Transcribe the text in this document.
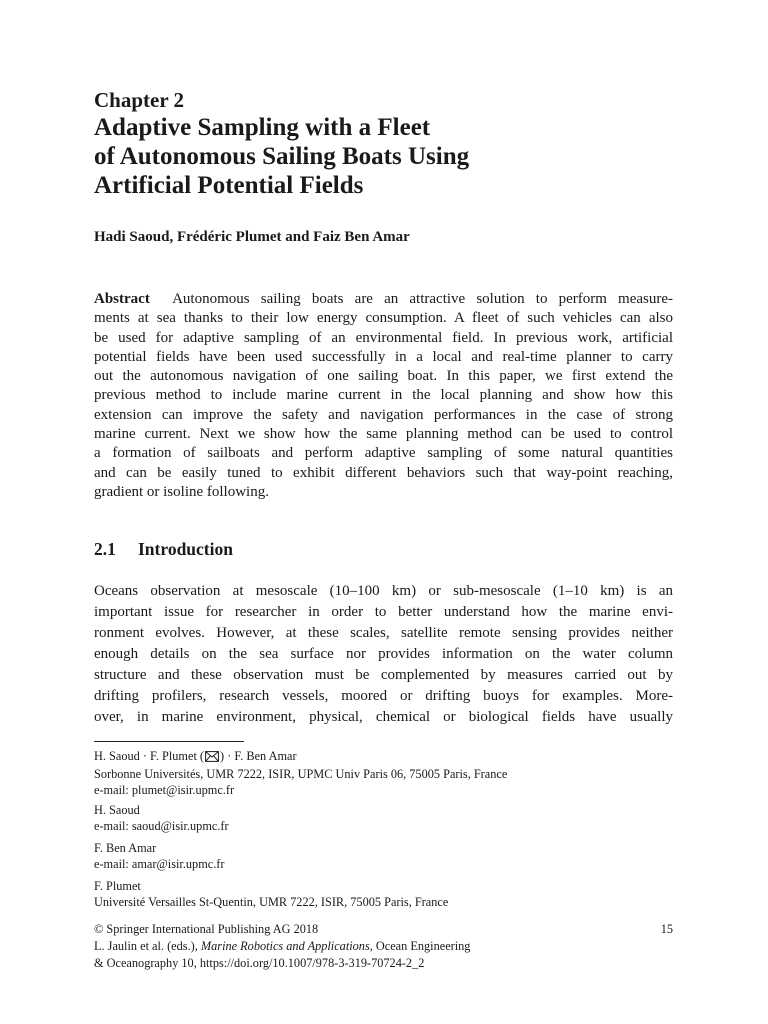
Chapter 2
Adaptive Sampling with a Fleet
of Autonomous Sailing Boats Using
Artificial Potential Fields
Hadi Saoud, Frédéric Plumet and Faiz Ben Amar
Abstract Autonomous sailing boats are an attractive solution to perform measure-
ments at sea thanks to their low energy consumption. A fleet of such vehicles can also
be used for adaptive sampling of an environmental field. In previous work, artificial
potential fields have been used successfully in a local and real-time planner to carry
out the autonomous navigation of one sailing boat. In this paper, we first extend the
previous method to include marine current in the local planning and show how this
extension can improve the safety and navigation performances in the case of strong
marine current. Next we show how the same planning method can be used to control
a formation of sailboats and perform adaptive sampling of some natural quantities
and can be easily tuned to exhibit different behaviors such that way-point reaching,
gradient or isoline following.
2.1 Introduction
Oceans observation at mesoscale (10–100 km) or sub-mesoscale (1–10 km) is an
important issue for researcher in order to better understand how the marine envi-
ronment evolves. However, at these scales, satellite remote sensing provides neither
enough details on the sea surface nor provides information on the water column
structure and these observation must be complemented by measures carried out by
drifting profilers, research vessels, moored or drifting buoys for examples. More-
over, in marine environment, physical, chemical or biological fields have usually
H. Saoud · F. Plumet ( ) · F. Ben Amar
Sorbonne Universités, UMR 7222, ISIR, UPMC Univ Paris 06, 75005 Paris, France
e-mail: plumet@isir.upmc.fr
H. Saoud
e-mail: saoud@isir.upmc.fr
F. Ben Amar
e-mail: amar@isir.upmc.fr
F. Plumet
Université Versailles St-Quentin, UMR 7222, ISIR, 75005 Paris, France
© Springer International Publishing AG 2018	15
L. Jaulin et al. (eds.), Marine Robotics and Applications, Ocean Engineering
& Oceanography 10, https://doi.org/10.1007/978-3-319-70724-2_2
